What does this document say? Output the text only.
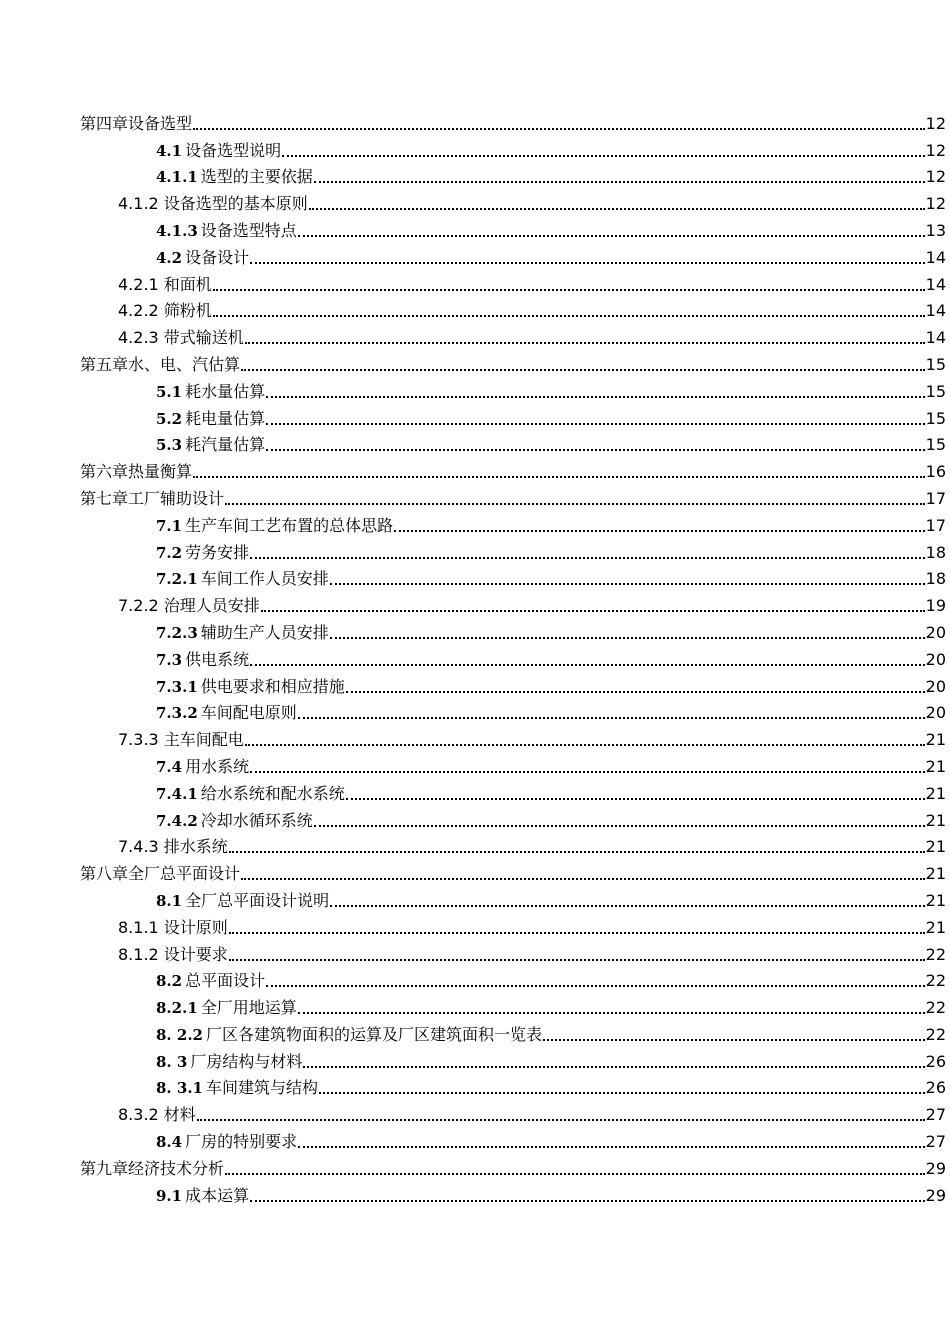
第四章设备选型	12
4.1 设备选型说明	12
4.1.1 选型的主要依据	12
4.1.2 设备选型的基本原则	12
4.1.3 设备选型特点	13
4.2 设备设计	14
4.2.1 和面机	14
4.2.2 筛粉机	14
4.2.3 带式输送机	14
第五章水、电、汽估算	15
5.1 耗水量估算	15
5.2 耗电量估算	15
5.3 耗汽量估算	15
第六章热量衡算	16
第七章工厂辅助设计	17
7.1 生产车间工艺布置的总体思路	17
7.2 劳务安排	18
7.2.1 车间工作人员安排	18
7.2.2 治理人员安排	19
7.2.3 辅助生产人员安排	20
7.3 供电系统	20
7.3.1 供电要求和相应措施	20
7.3.2 车间配电原则	20
7.3.3 主车间配电	21
7.4 用水系统	21
7.4.1 给水系统和配水系统	21
7.4.2 冷却水循环系统	21
7.4.3 排水系统	21
第八章全厂总平面设计	21
8.1 全厂总平面设计说明	21
8.1.1 设计原则	21
8.1.2 设计要求	22
8.2 总平面设计	22
8.2.1 全厂用地运算	22
8. 2.2 厂区各建筑物面积的运算及厂区建筑面积一览表	22
8. 3 厂房结构与材料	26
8. 3.1 车间建筑与结构	26
8.3.2 材料	27
8.4 厂房的特别要求	27
第九章经济技术分析	29
9.1 成本运算	29
